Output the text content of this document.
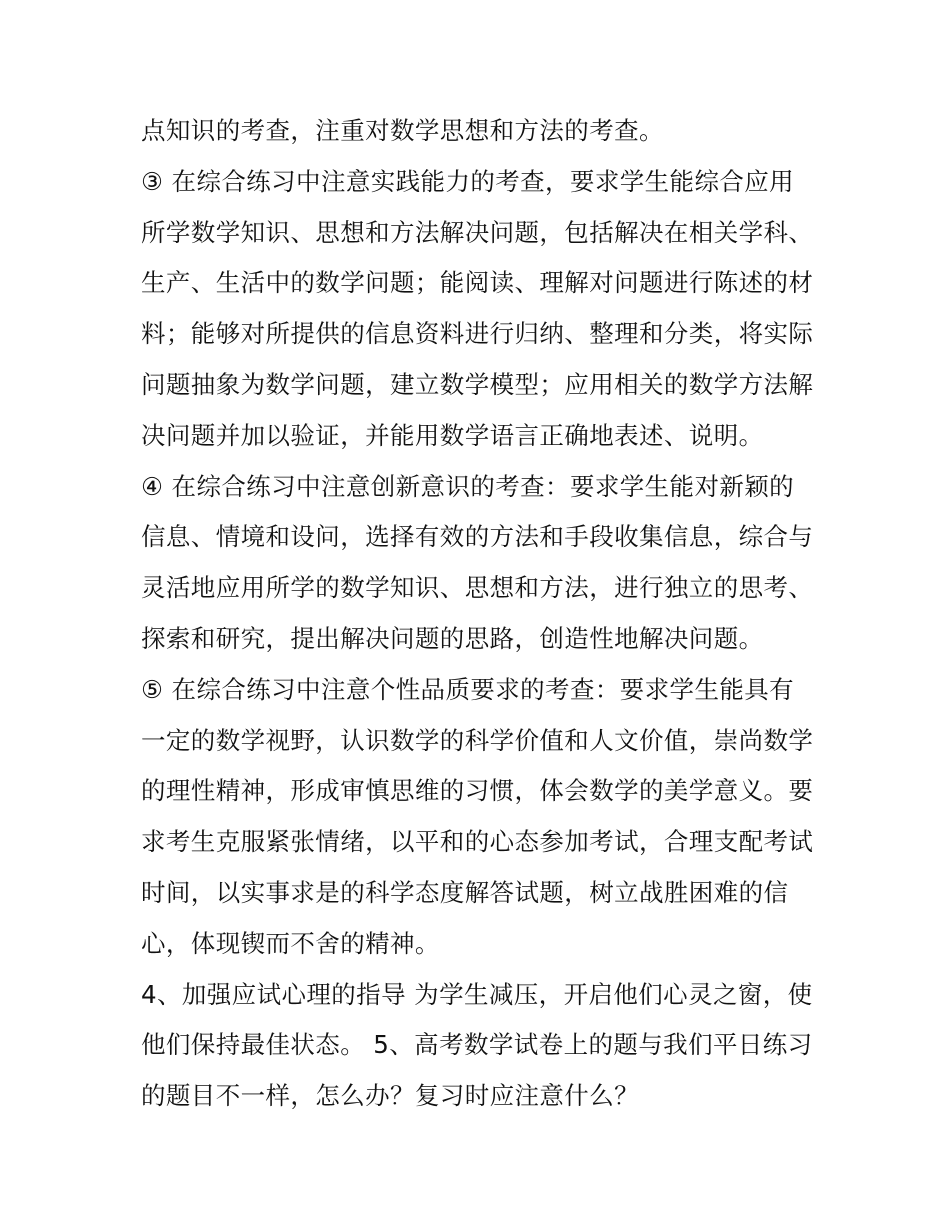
点知识的考查，注重对数学思想和方法的考查。
③ 在综合练习中注意实践能力的考查，要求学生能综合应用
所学数学知识、思想和方法解决问题，包括解决在相关学科、
生产、生活中的数学问题；能阅读、理解对问题进行陈述的材
料；能够对所提供的信息资料进行归纳、整理和分类，将实际
问题抽象为数学问题，建立数学模型；应用相关的数学方法解
决问题并加以验证，并能用数学语言正确地表述、说明。
④ 在综合练习中注意创新意识的考查：要求学生能对新颖的
信息、情境和设问，选择有效的方法和手段收集信息，综合与
灵活地应用所学的数学知识、思想和方法，进行独立的思考、
探索和研究，提出解决问题的思路，创造性地解决问题。
⑤ 在综合练习中注意个性品质要求的考查：要求学生能具有
一定的数学视野，认识数学的科学价值和人文价值，崇尚数学
的理性精神，形成审慎思维的习惯，体会数学的美学意义。要
求考生克服紧张情绪，以平和的心态参加考试，合理支配考试
时间，以实事求是的科学态度解答试题，树立战胜困难的信
心，体现锲而不舍的精神。
4、加强应试心理的指导 为学生减压，开启他们心灵之窗，使
他们保持最佳状态。 5、高考数学试卷上的题与我们平日练习
的题目不一样，怎么办？复习时应注意什么？
